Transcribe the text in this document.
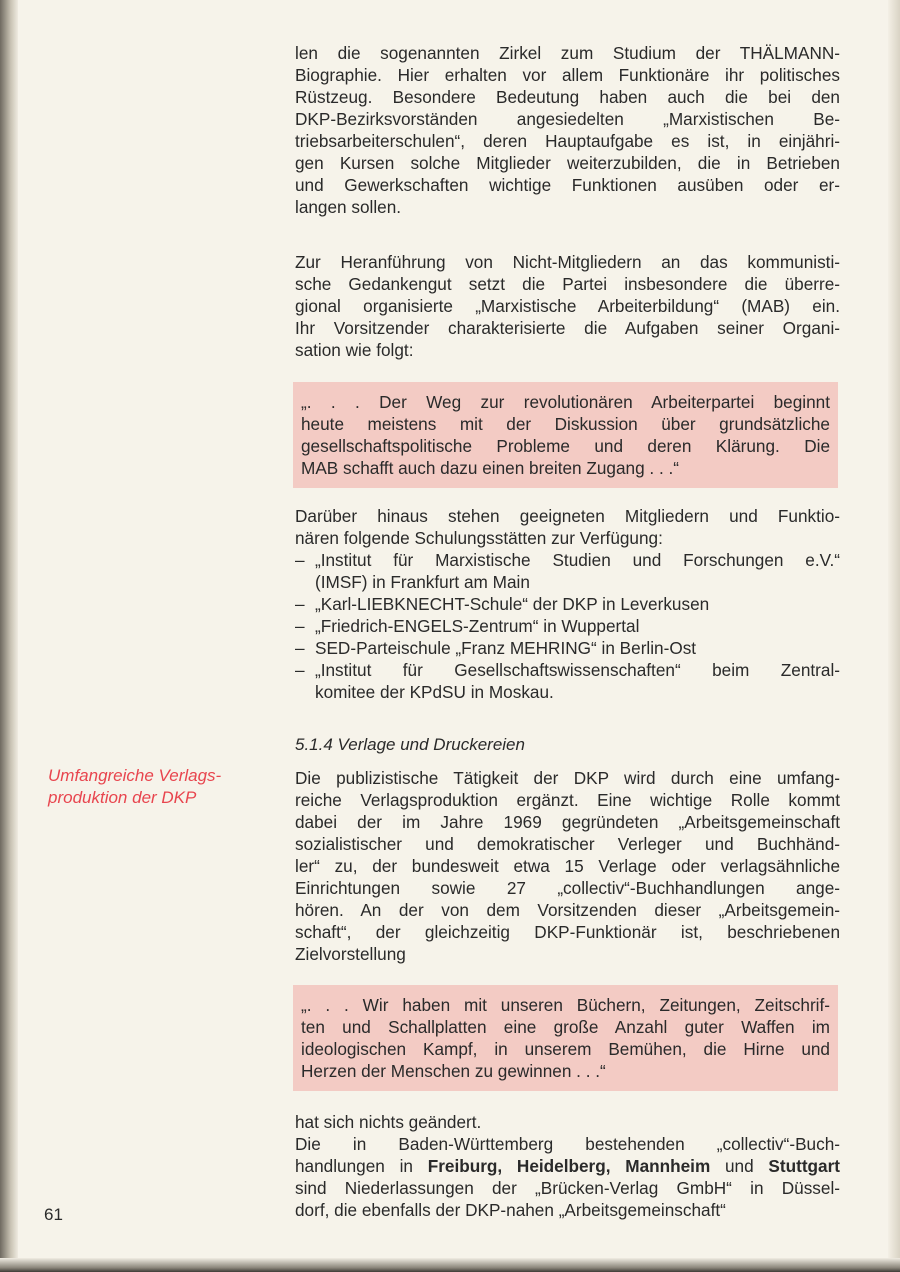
len die sogenannten Zirkel zum Studium der THÄLMANN-
Biographie. Hier erhalten vor allem Funktionäre ihr politisches
Rüstzeug. Besondere Bedeutung haben auch die bei den
DKP-Bezirksvorständen angesiedelten „Marxistischen Be-
triebsarbeiterschulen“, deren Hauptaufgabe es ist, in einjähri-
gen Kursen solche Mitglieder weiterzubilden, die in Betrieben
und Gewerkschaften wichtige Funktionen ausüben oder er-
langen sollen.
Zur Heranführung von Nicht-Mitgliedern an das kommunisti-
sche Gedankengut setzt die Partei insbesondere die überre-
gional organisierte „Marxistische Arbeiterbildung“ (MAB) ein.
Ihr Vorsitzender charakterisierte die Aufgaben seiner Organi-
sation wie folgt:
„. . . Der Weg zur revolutionären Arbeiterpartei beginnt
heute meistens mit der Diskussion über grundsätzliche
gesellschaftspolitische Probleme und deren Klärung. Die
MAB schafft auch dazu einen breiten Zugang . . .“
Darüber hinaus stehen geeigneten Mitgliedern und Funktio-
nären folgende Schulungsstätten zur Verfügung:
– „Institut für Marxistische Studien und Forschungen e.V.“
(IMSF) in Frankfurt am Main
– „Karl-LIEBKNECHT-Schule“ der DKP in Leverkusen
– „Friedrich-ENGELS-Zentrum“ in Wuppertal
– SED-Parteischule „Franz MEHRING“ in Berlin-Ost
– „Institut für Gesellschaftswissenschaften“ beim Zentral-
komitee der KPdSU in Moskau.
5.1.4 Verlage und Druckereien
Umfangreiche Verlags-
produktion der DKP
Die publizistische Tätigkeit der DKP wird durch eine umfang-
reiche Verlagsproduktion ergänzt. Eine wichtige Rolle kommt
dabei der im Jahre 1969 gegründeten „Arbeitsgemeinschaft
sozialistischer und demokratischer Verleger und Buchhänd-
ler“ zu, der bundesweit etwa 15 Verlage oder verlagsähnliche
Einrichtungen sowie 27 „collectiv“-Buchhandlungen ange-
hören. An der von dem Vorsitzenden dieser „Arbeitsgemein-
schaft“, der gleichzeitig DKP-Funktionär ist, beschriebenen
Zielvorstellung
„. . . Wir haben mit unseren Büchern, Zeitungen, Zeitschrif-
ten und Schallplatten eine große Anzahl guter Waffen im
ideologischen Kampf, in unserem Bemühen, die Hirne und
Herzen der Menschen zu gewinnen . . .“
hat sich nichts geändert.
Die in Baden-Württemberg bestehenden „collectiv“-Buch-
handlungen in Freiburg, Heidelberg, Mannheim und Stuttgart
sind Niederlassungen der „Brücken-Verlag GmbH“ in Düssel-
dorf, die ebenfalls der DKP-nahen „Arbeitsgemeinschaft“
61
